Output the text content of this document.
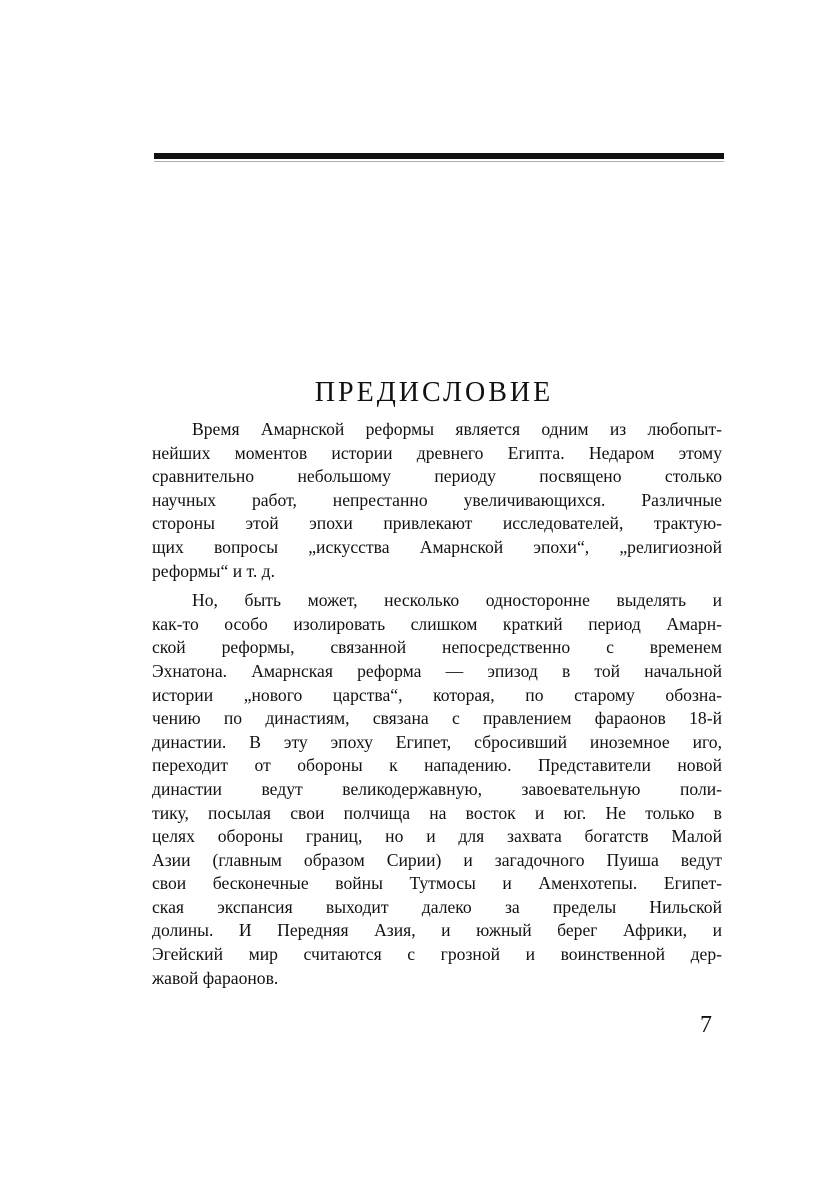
ПРЕДИСЛОВИЕ
Время Амарнской реформы является одним из любопыт-
нейших моментов истории древнего Египта. Недаром этому
сравнительно небольшому периоду посвящено столько
научных работ, непрестанно увеличивающихся. Различные
стороны этой эпохи привлекают исследователей, трактую-
щих вопросы „искусства Амарнской эпохи“, „религиозной
реформы“ и т. д.
Но, быть может, несколько односторонне выделять и
как-то особо изолировать слишком краткий период Амарн-
ской реформы, связанной непосредственно с временем
Эхнатона. Амарнская реформа — эпизод в той начальной
истории „нового царства“, которая, по старому обозна-
чению по династиям, связана с правлением фараонов 18-й
династии. В эту эпоху Египет, сбросивший иноземное иго,
переходит от обороны к нападению. Представители новой
династии ведут великодержавную, завоевательную поли-
тику, посылая свои полчища на восток и юг. Не только в
целях обороны границ, но и для захвата богатств Малой
Азии (главным образом Сирии) и загадочного Пуиша ведут
свои бесконечные войны Тутмосы и Аменхотепы. Египет-
ская экспансия выходит далеко за пределы Нильской
долины. И Передняя Азия, и южный берег Африки, и
Эгейский мир считаются с грозной и воинственной дер-
жавой фараонов.
7
